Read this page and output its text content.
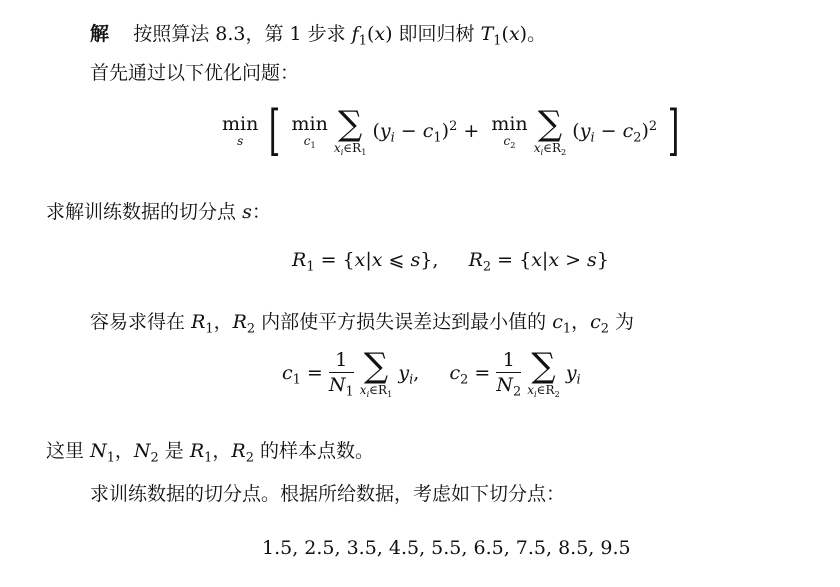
解 按照算法 8.3，第 1 步求 $f_1(x)$ 即回归树 $T_1(x)$。
首先通过以下优化问题：
min
s [ min
$c_1$

∑
$x_i\in R_1$
$(y_i - c_1)^2 + \min$
$c_2$

∑
$x_i\in R_2$
$(y_i - c_2)^2$ ]
求解训练数据的切分点 s：
$R_1 = \{x|x$ ⩽ s}, $R_2 = \{x|x > s\}$
容易求得在 $R_1$，$R_2$ 内部使平方损失误差达到最小值的 $c_1$，$c_2$ 为
$c_1 = \frac{1}{N_1}$
∑
$x_i\in R_1$
$y_i$, $c_2 = \frac{1}{N_2}$
∑
$x_i\in R_2$
$y_i$
这里 $N_1$，$N_2$ 是 $R_1$，$R_2$ 的样本点数。
求训练数据的切分点。根据所给数据，考虑如下切分点：
1.5, 2.5, 3.5, 4.5, 5.5, 6.5, 7.5, 8.5, 9.5
